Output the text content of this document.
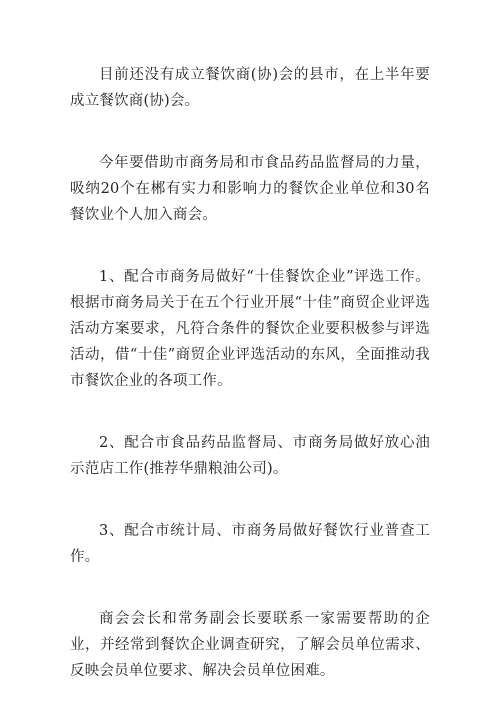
目前还没有成立餐饮商(协)会的县市，在上半年要成立餐饮商(协)会。

今年要借助市商务局和市食品药品监督局的力量，吸纳20个在郴有实力和影响力的餐饮企业单位和30名餐饮业个人加入商会。

1、配合市商务局做好“十佳餐饮企业”评选工作。根据市商务局关于在五个行业开展“十佳”商贸企业评选活动方案要求，凡符合条件的餐饮企业要积极参与评选活动，借“十佳”商贸企业评选活动的东风，全面推动我市餐饮企业的各项工作。

2、配合市食品药品监督局、市商务局做好放心油示范店工作(推荐华鼎粮油公司)。

3、配合市统计局、市商务局做好餐饮行业普查工作。

商会会长和常务副会长要联系一家需要帮助的企业，并经常到餐饮企业调查研究，了解会员单位需求、反映会员单位要求、解决会员单位困难。
